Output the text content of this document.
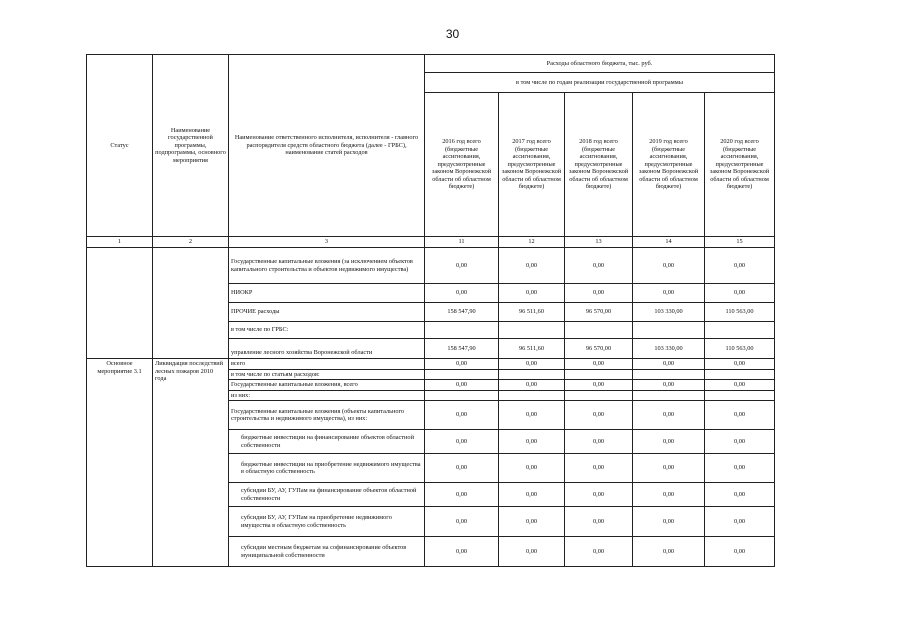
30
Статус	Наименование государственной программы, подпрограммы, основного мероприятия	Наименование ответственного исполнителя, исполнителя - главного распорядителя средств областного бюджета (далее - ГРБС), наименование статей расходов	Расходы областного бюджета, тыс. руб.				
			в том числе по годам реализации государственной программы				
			2016 год всего (бюджетные ассигнования, предусмотренные законом Воронежской области об областном бюджете)	2017 год всего (бюджетные ассигнования, предусмотренные законом Воронежской области об областном бюджете)	2018 год всего (бюджетные ассигнования, предусмотренные законом Воронежской области об областном бюджете)	2019 год всего (бюджетные ассигнования, предусмотренные законом Воронежской области об областном бюджете)	2020 год всего (бюджетные ассигнования, предусмотренные законом Воронежской области об областном бюджете)
1	2	3	11	12	13	14	15
		Государственные капитальные вложения (за исключением объектов капитального строительства и объектов недвижимого имущества)	0,00	0,00	0,00	0,00	0,00
		НИОКР	0,00	0,00	0,00	0,00	0,00
		ПРОЧИЕ расходы	158 547,90	96 511,60	96 570,00	103 330,00	110 563,00
		в том числе по ГРБС:					
		управление лесного хозяйства Воронежской области	158 547,90	96 511,60	96 570,00	103 330,00	110 563,00
Основное мероприятие 3.1	Ликвидация последствий лесных пожаров 2010 года	всего	0,00	0,00	0,00	0,00	0,00
		в том числе по статьям расходов:					
		Государственные капитальные вложения, всего	0,00	0,00	0,00	0,00	0,00
		из них:					
		Государственные капитальные вложения (объекты капитального строительства и недвижимого имущества), из них:	0,00	0,00	0,00	0,00	0,00
		бюджетные инвестиции на финансирование объектов областной собственности	0,00	0,00	0,00	0,00	0,00
		бюджетные инвестиции на приобретение недвижимого имущества в областную собственность	0,00	0,00	0,00	0,00	0,00
		субсидии БУ, АУ, ГУПам на финансирование объектов областной собственности	0,00	0,00	0,00	0,00	0,00
		субсидии БУ, АУ, ГУПам на приобретение недвижимого имущества в областную собственность	0,00	0,00	0,00	0,00	0,00
		субсидии местным бюджетам на софинансирование объектов муниципальной собственности	0,00	0,00	0,00	0,00	0,00
